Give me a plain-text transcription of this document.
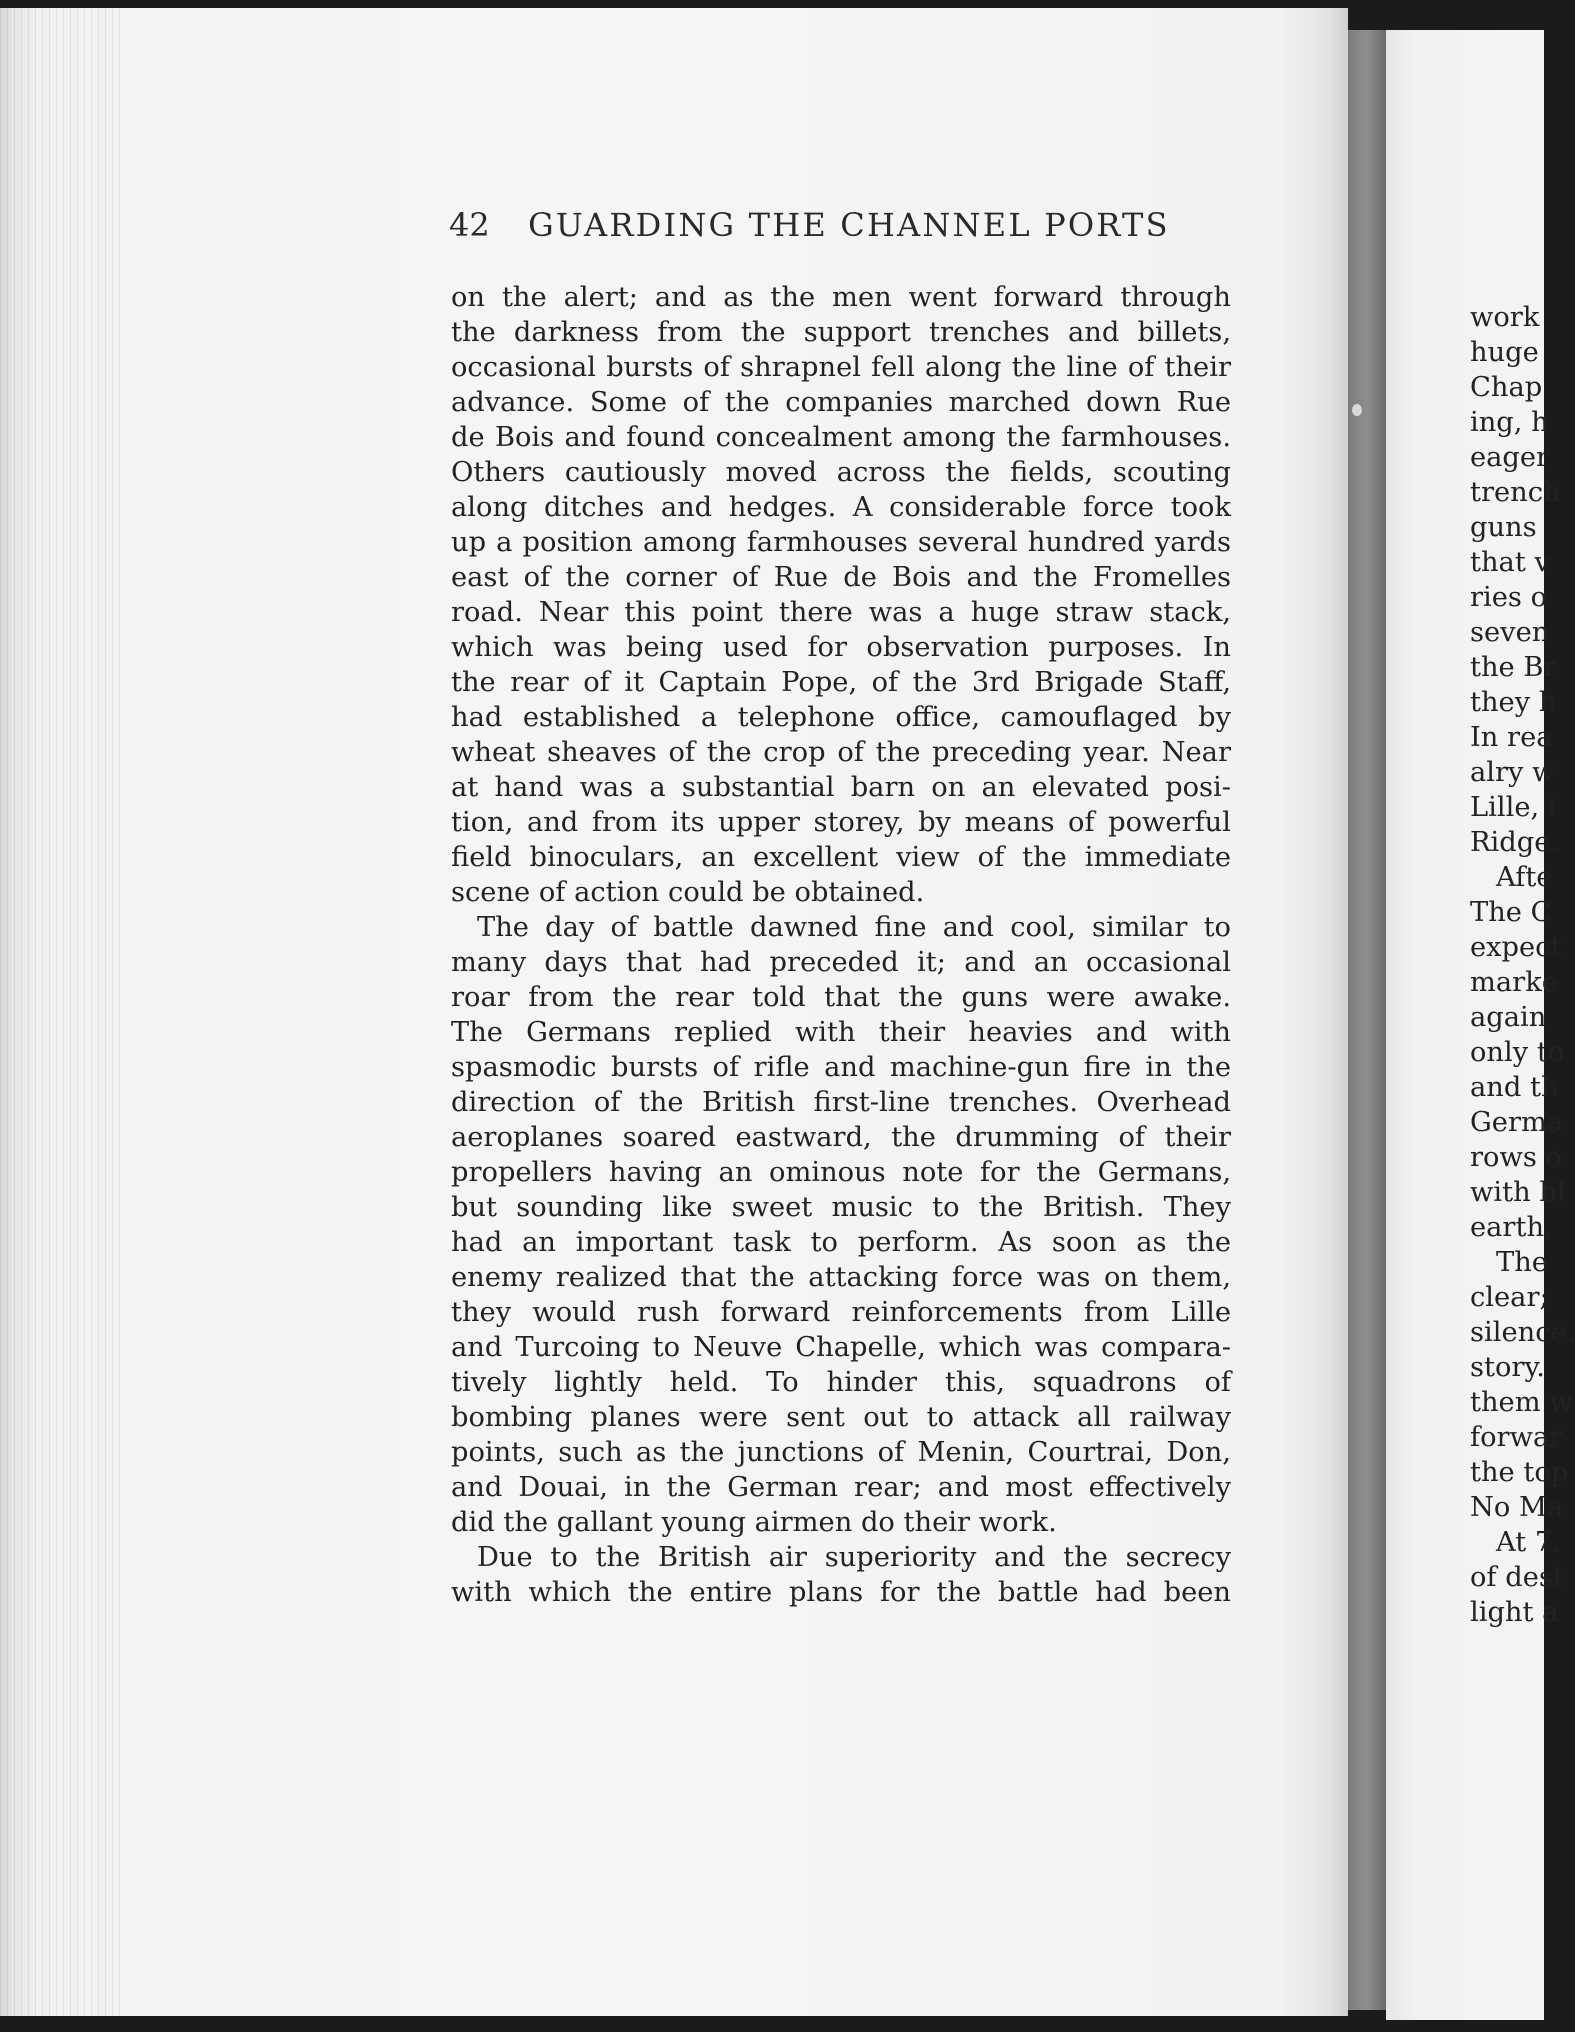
42 GUARDING THE CHANNEL PORTS
on the alert; and as the men went forward through
the darkness from the support trenches and billets,
occasional bursts of shrapnel fell along the line of their
advance. Some of the companies marched down Rue
de Bois and found concealment among the farmhouses.
Others cautiously moved across the fields, scouting
along ditches and hedges. A considerable force took
up a position among farmhouses several hundred yards
east of the corner of Rue de Bois and the Fromelles
road. Near this point there was a huge straw stack,
which was being used for observation purposes. In
the rear of it Captain Pope, of the 3rd Brigade Staff,
had established a telephone office, camouflaged by
wheat sheaves of the crop of the preceding year. Near
at hand was a substantial barn on an elevated posi-
tion, and from its upper storey, by means of powerful
field binoculars, an excellent view of the immediate
scene of action could be obtained.
The day of battle dawned fine and cool, similar to
many days that had preceded it; and an occasional
roar from the rear told that the guns were awake.
The Germans replied with their heavies and with
spasmodic bursts of rifle and machine-gun fire in the
direction of the British first-line trenches. Overhead
aeroplanes soared eastward, the drumming of their
propellers having an ominous note for the Germans,
but sounding like sweet music to the British. They
had an important task to perform. As soon as the
enemy realized that the attacking force was on them,
they would rush forward reinforcements from Lille
and Turcoing to Neuve Chapelle, which was compara-
tively lightly held. To hinder this, squadrons of
bombing planes were sent out to attack all railway
points, such as the junctions of Menin, Courtrai, Don,
and Douai, in the German rear; and most effectively
did the gallant young airmen do their work.
Due to the British air superiority and the secrecy
with which the entire plans for the battle had been
work
huge
Chap
ing, h
eager
trench
guns
that v
ries o
seven
the Br
they h
In rea
alry w
Lille, i
Ridge.
Afte
The C
expect
marke
again
only to
and th
Germa
rows o
with bl
earth.
The
clear;
silence.
story.
them w
forwar
the top
No Ma
At 7.
of dest
light a
